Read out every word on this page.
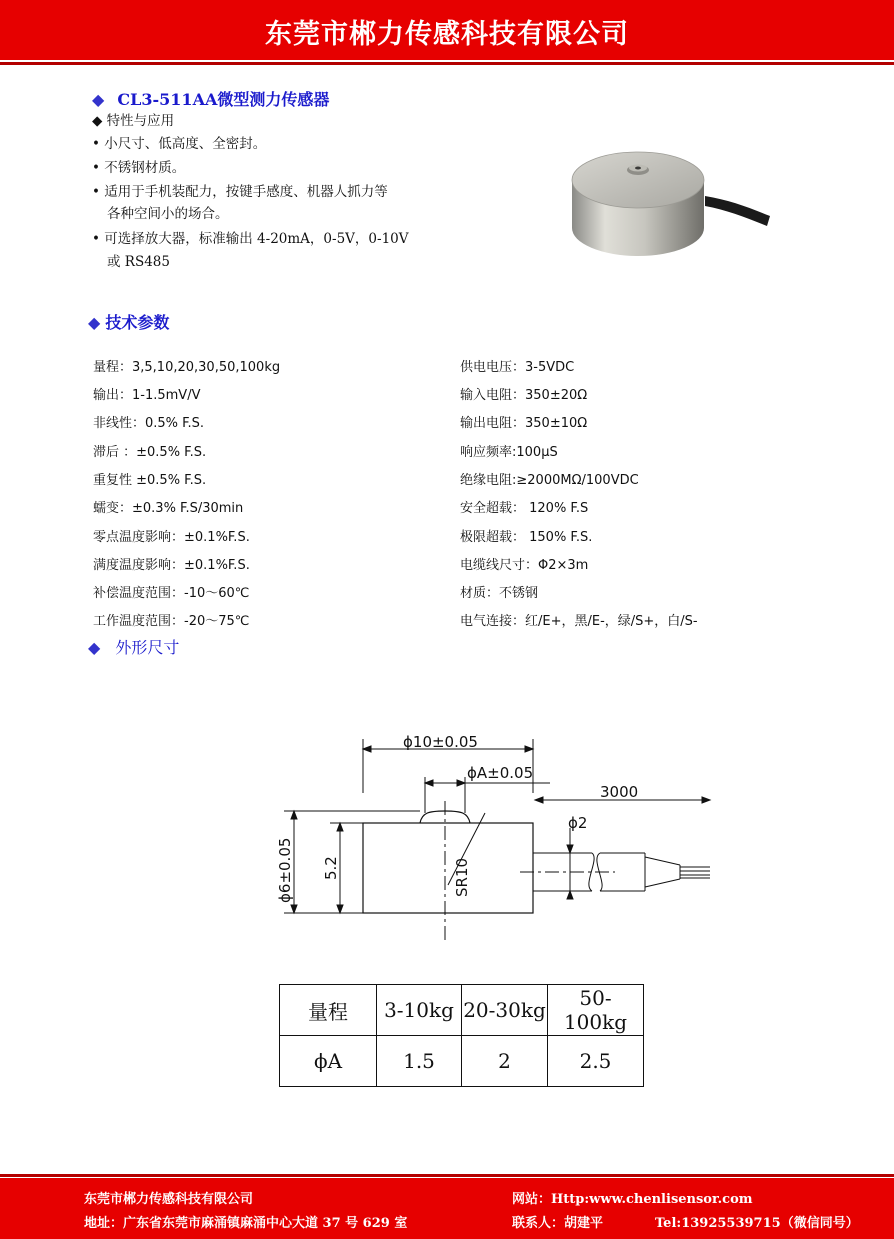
东莞市郴力传感科技有限公司
◆ CL3-511AA微型测力传感器
◆ 特性与应用
• 小尺寸、低高度、全密封。
• 不锈钢材质。
• 适用于手机装配力，按键手感度、机器人抓力等
各种空间小的场合。
• 可选择放大器，标准输出 4-20mA，0-5V，0-10V
或 RS485
◆ 技术参数
量程：3,5,10,20,30,50,100kg
输出：1-1.5mV/V
非线性：0.5% F.S.
滞后 ：±0.5% F.S.
重复性 ±0.5% F.S.
蠕变：±0.3% F.S/30min
零点温度影响：±0.1%F.S.
满度温度影响：±0.1%F.S.
补偿温度范围：-10～60℃
工作温度范围：-20～75℃
供电电压：3-5VDC
输入电阻：350±20Ω
输出电阻：350±10Ω
响应频率:100μS
绝缘电阻:≥2000MΩ/100VDC
安全超载： 120% F.S
极限超载： 150% F.S.
电缆线尺寸：Φ2×3m
材质：不锈钢
电气连接：红/E+，黑/E-，绿/S+，白/S-
◆ 外形尺寸
ϕ10±0.05
ϕA±0.05
3000
SR10
ϕ6±0.05 5.2
ϕ2
量程	3-10kg	20-30kg	50-100kg
ϕA	1.5	2	2.5
东莞市郴力传感科技有限公司
地址：广东省东莞市麻涌镇麻涌中心大道 37 号 629 室
网站：Http:www.chenlisensor.com
联系人：胡建平	Tel:13925539715（微信同号）
